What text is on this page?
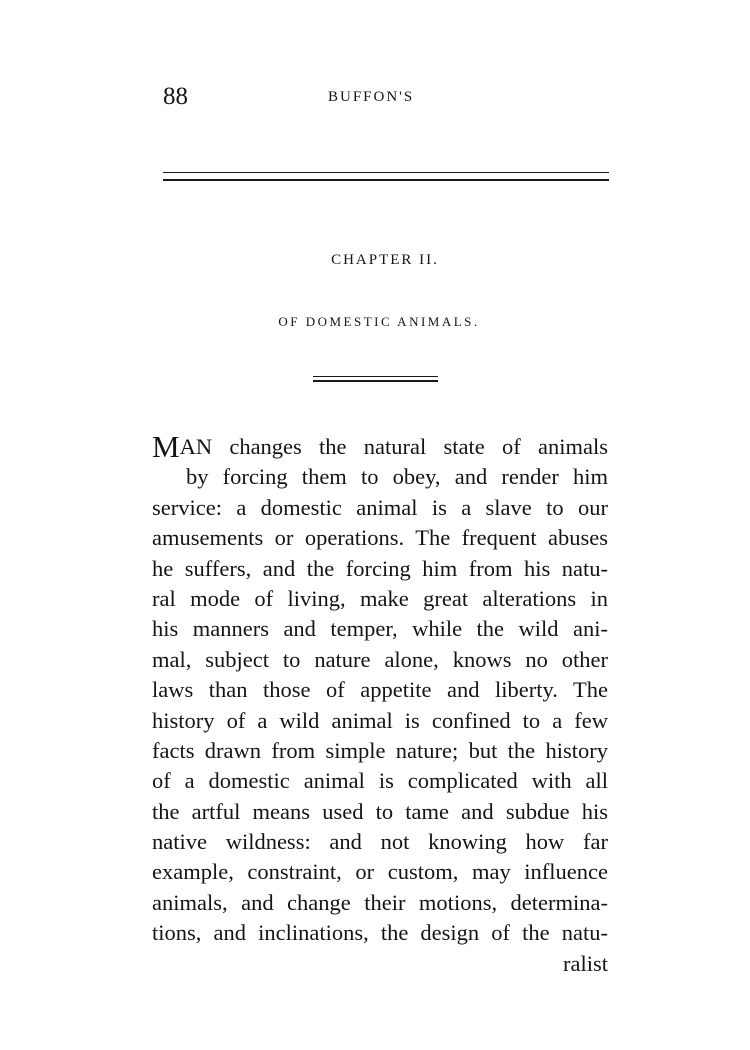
88	BUFFON'S
CHAPTER II.
OF DOMESTIC ANIMALS.
MAN changes the natural state of animals
by forcing them to obey, and render him
service: a domestic animal is a slave to our
amusements or operations. The frequent abuses
he suffers, and the forcing him from his natu-
ral mode of living, make great alterations in
his manners and temper, while the wild ani-
mal, subject to nature alone, knows no other
laws than those of appetite and liberty. The
history of a wild animal is confined to a few
facts drawn from simple nature; but the history
of a domestic animal is complicated with all
the artful means used to tame and subdue his
native wildness: and not knowing how far
example, constraint, or custom, may influence
animals, and change their motions, determina-
tions, and inclinations, the design of the natu-
ralist
